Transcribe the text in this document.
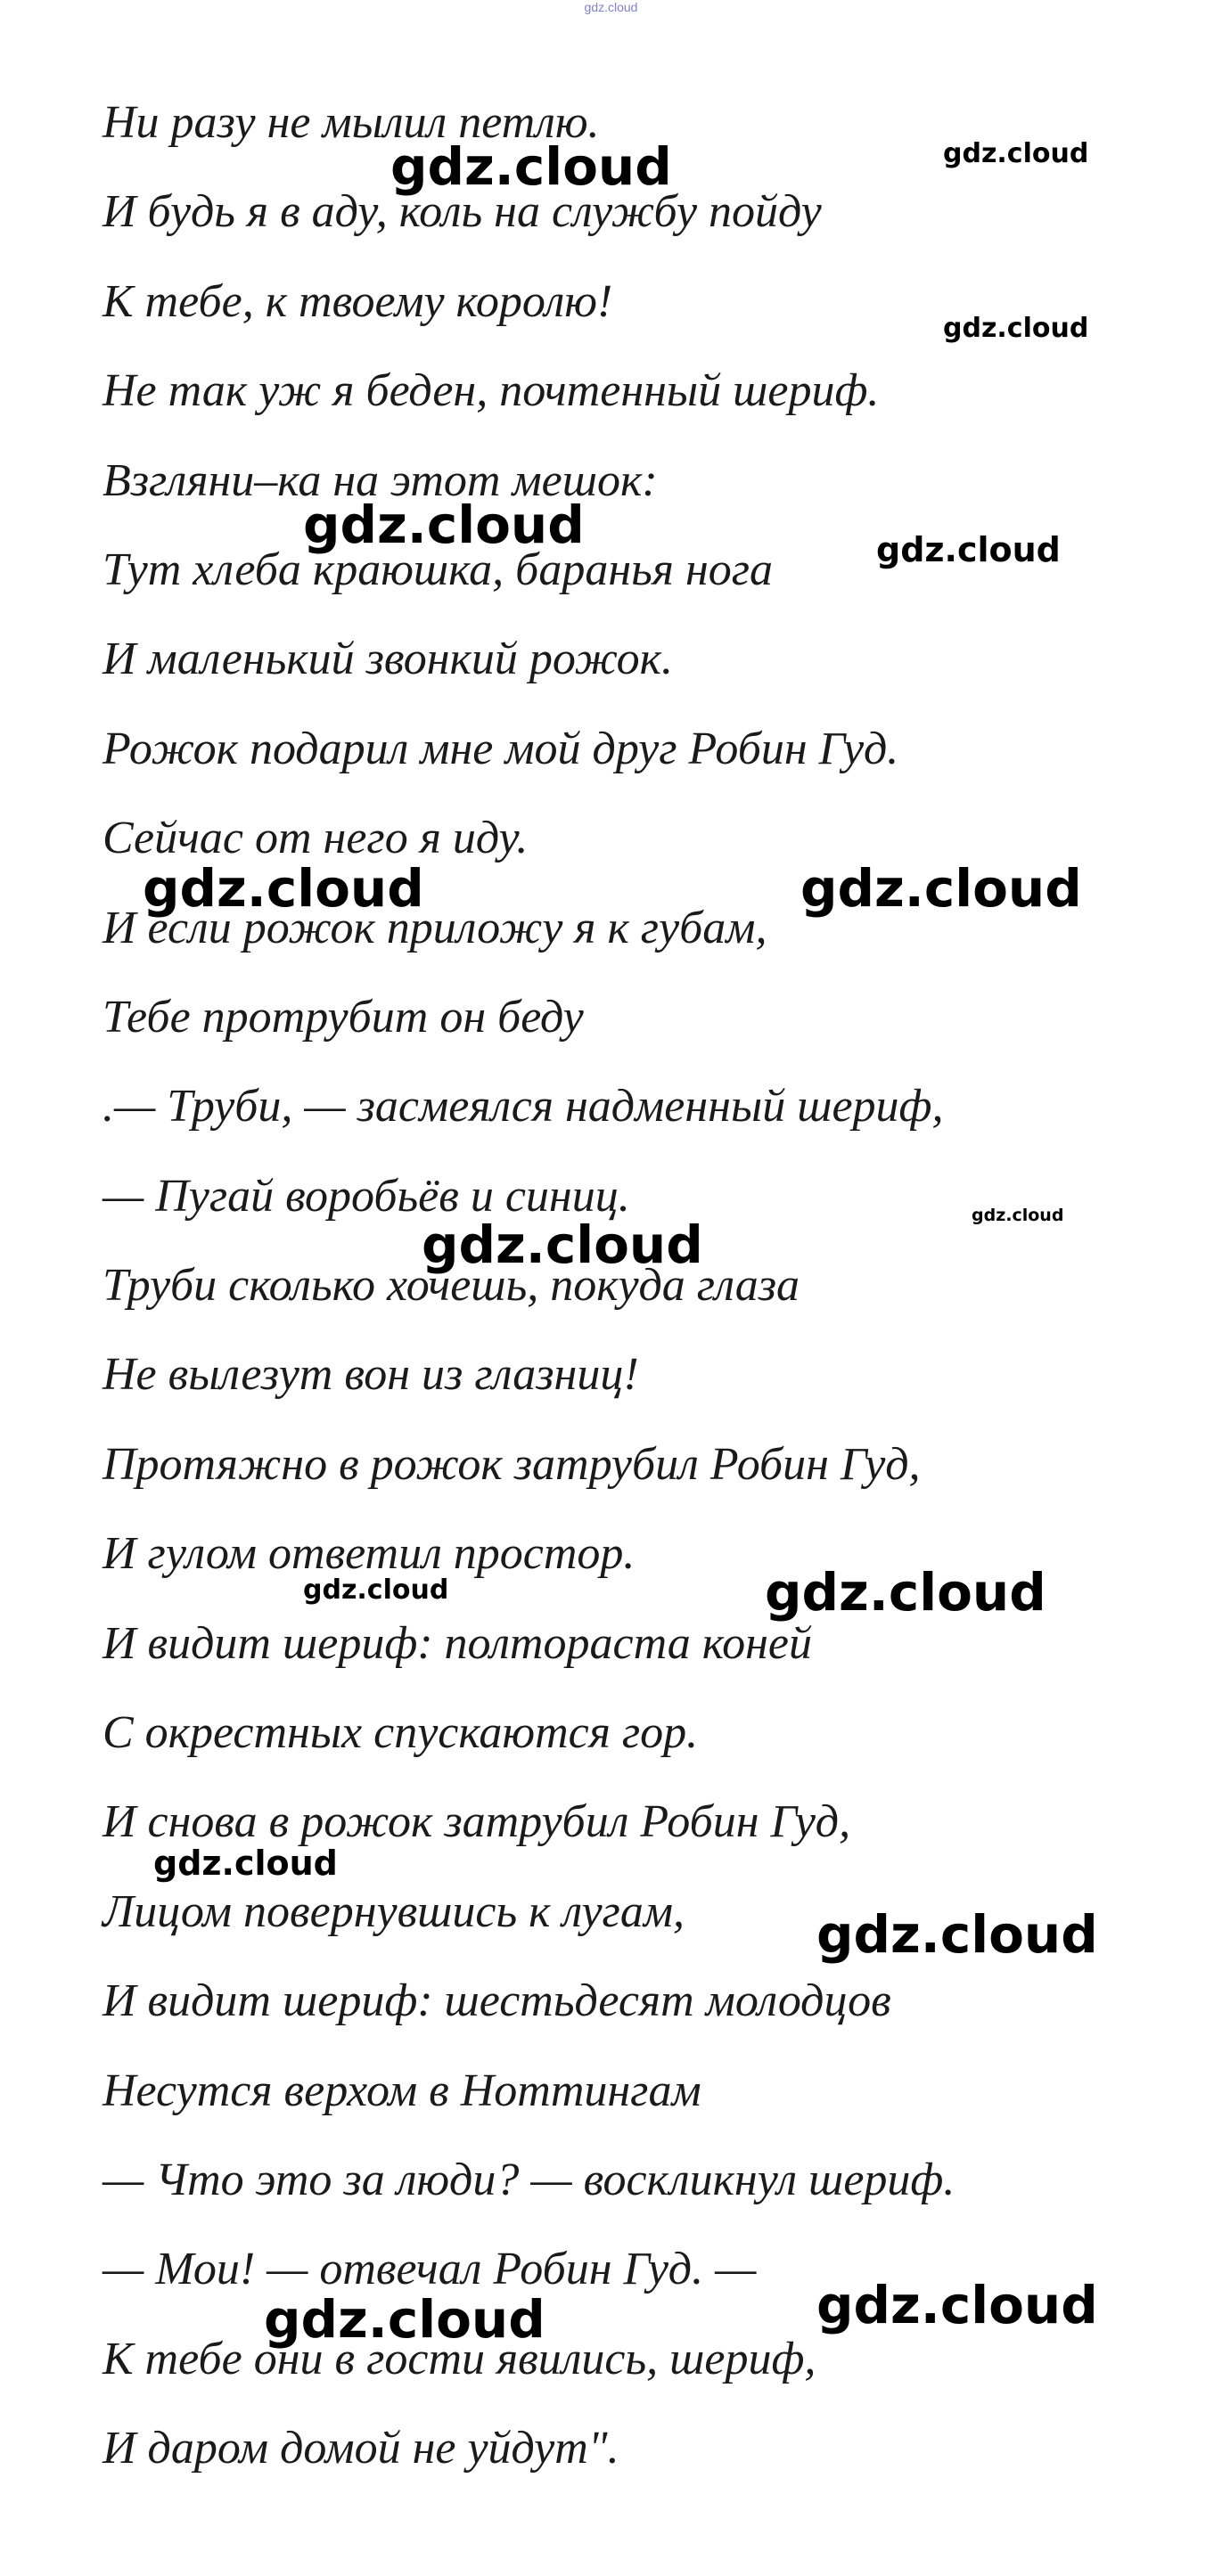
gdz.cloud
Ни разу не мылил петлю.
И будь я в аду, коль на службу пойду
К тебе, к твоему королю!
Не так уж я беден, почтенный шериф.
Взгляни–ка на этот мешок:
Тут хлеба краюшка, баранья нога
И маленький звонкий рожок.
Рожок подарил мне мой друг Робин Гуд.
Сейчас от него я иду.
И если рожок приложу я к губам,
Тебе протрубит он беду
.— Труби, — засмеялся надменный шериф,
— Пугай воробьёв и синиц.
Труби сколько хочешь, покуда глаза
Не вылезут вон из глазниц!
Протяжно в рожок затрубил Робин Гуд,
И гулом ответил простор.
И видит шериф: полтораста коней
С окрестных спускаются гор.
И снова в рожок затрубил Робин Гуд,
Лицом повернувшись к лугам,
И видит шериф: шестьдесят молодцов
Несутся верхом в Ноттингам
— Что это за люди? — воскликнул шериф.
— Мои! — отвечал Робин Гуд. —
К тебе они в гости явились, шериф,
И даром домой не уйдут".
gdz.cloud	gdz.cloud
gdz.cloud
gdz.cloud	gdz.cloud
gdz.cloud	gdz.cloud
gdz.cloud	gdz.cloud
gdz.cloud	gdz.cloud
gdz.cloud
gdz.cloud
gdz.cloud	gdz.cloud
